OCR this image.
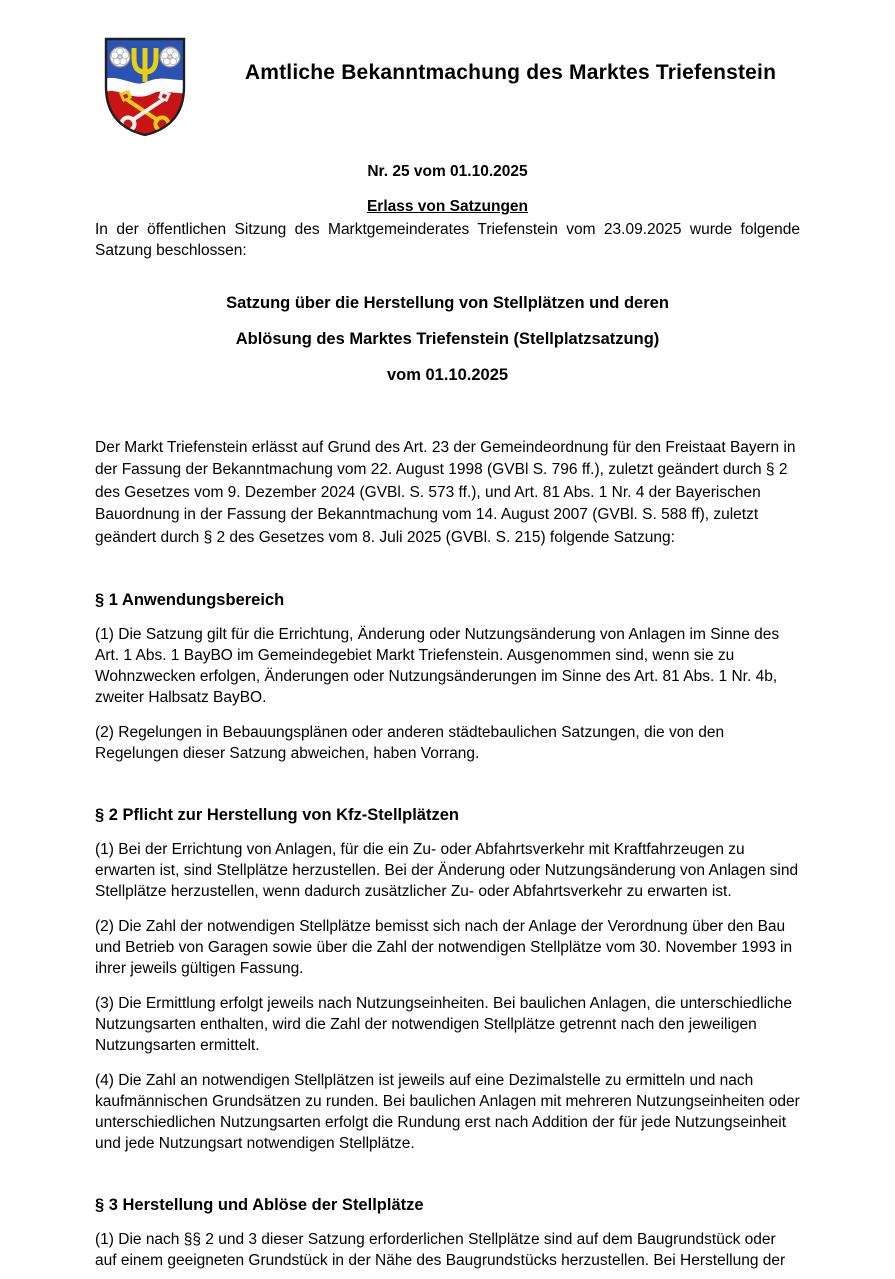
Amtliche Bekanntmachung des Marktes Triefenstein
Nr. 25 vom 01.10.2025
Erlass von Satzungen

In der öffentlichen Sitzung des Marktgemeinderates Triefenstein vom 23.09.2025 wurde folgende Satzung beschlossen:

Satzung über die Herstellung von Stellplätzen und deren
Ablösung des Marktes Triefenstein (Stellplatzsatzung)
vom 01.10.2025

Der Markt Triefenstein erlässt auf Grund des Art. 23 der Gemeindeordnung für den Freistaat Bayern in der Fassung der Bekanntmachung vom 22. August 1998 (GVBl S. 796 ff.), zuletzt geändert durch § 2 des Gesetzes vom 9. Dezember 2024 (GVBl. S. 573 ff.), und Art. 81 Abs. 1 Nr. 4 der Bayerischen Bauordnung in der Fassung der Bekanntmachung vom 14. August 2007 (GVBl. S. 588 ff), zuletzt geändert durch § 2 des Gesetzes vom 8. Juli 2025 (GVBl. S. 215) folgende Satzung:

§ 1 Anwendungsbereich

(1) Die Satzung gilt für die Errichtung, Änderung oder Nutzungsänderung von Anlagen im Sinne des Art. 1 Abs. 1 BayBO im Gemeindegebiet Markt Triefenstein. Ausgenommen sind, wenn sie zu Wohnzwecken erfolgen, Änderungen oder Nutzungsänderungen im Sinne des Art. 81 Abs. 1 Nr. 4b, zweiter Halbsatz BayBO.

(2) Regelungen in Bebauungsplänen oder anderen städtebaulichen Satzungen, die von den Regelungen dieser Satzung abweichen, haben Vorrang.

§ 2 Pflicht zur Herstellung von Kfz-Stellplätzen

(1) Bei der Errichtung von Anlagen, für die ein Zu- oder Abfahrtsverkehr mit Kraftfahrzeugen zu erwarten ist, sind Stellplätze herzustellen. Bei der Änderung oder Nutzungsänderung von Anlagen sind Stellplätze herzustellen, wenn dadurch zusätzlicher Zu- oder Abfahrtsverkehr zu erwarten ist.

(2) Die Zahl der notwendigen Stellplätze bemisst sich nach der Anlage der Verordnung über den Bau und Betrieb von Garagen sowie über die Zahl der notwendigen Stellplätze vom 30. November 1993 in ihrer jeweils gültigen Fassung.

(3) Die Ermittlung erfolgt jeweils nach Nutzungseinheiten. Bei baulichen Anlagen, die unterschiedliche Nutzungsarten enthalten, wird die Zahl der notwendigen Stellplätze getrennt nach den jeweiligen Nutzungsarten ermittelt.

(4) Die Zahl an notwendigen Stellplätzen ist jeweils auf eine Dezimalstelle zu ermitteln und nach kaufmännischen Grundsätzen zu runden. Bei baulichen Anlagen mit mehreren Nutzungseinheiten oder unterschiedlichen Nutzungsarten erfolgt die Rundung erst nach Addition der für jede Nutzungseinheit und jede Nutzungsart notwendigen Stellplätze.

§ 3 Herstellung und Ablöse der Stellplätze

(1) Die nach §§ 2 und 3 dieser Satzung erforderlichen Stellplätze sind auf dem Baugrundstück oder auf einem geeigneten Grundstück in der Nähe des Baugrundstücks herzustellen. Bei Herstellung der
